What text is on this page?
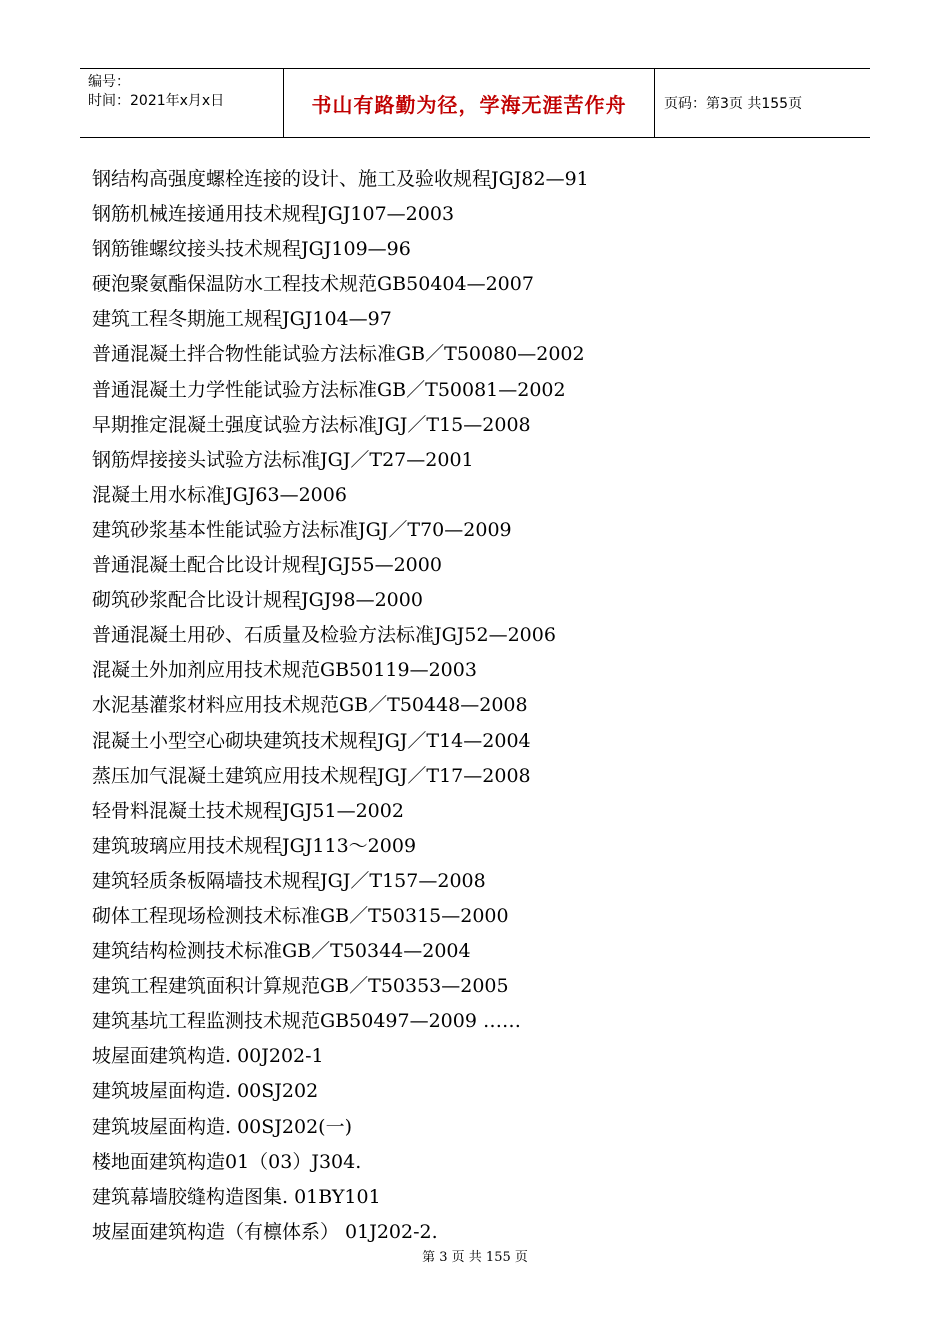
编号：
时间：2021年x月x日	书山有路勤为径，学海无涯苦作舟	页码：第3页 共155页
钢结构高强度螺栓连接的设计、施工及验收规程JGJ82—91
钢筋机械连接通用技术规程JGJ107—2003
钢筋锥螺纹接头技术规程JGJ109—96
硬泡聚氨酯保温防水工程技术规范GB50404—2007
建筑工程冬期施工规程JGJ104—97
普通混凝土拌合物性能试验方法标准GB／T50080—2002
普通混凝土力学性能试验方法标准GB／T50081—2002
早期推定混凝土强度试验方法标准JGJ／T15—2008
钢筋焊接接头试验方法标准JGJ／T27—2001
混凝土用水标准JGJ63—2006
建筑砂浆基本性能试验方法标准JGJ／T70—2009
普通混凝土配合比设计规程JGJ55—2000
砌筑砂浆配合比设计规程JGJ98—2000
普通混凝土用砂、石质量及检验方法标准JGJ52—2006
混凝土外加剂应用技术规范GB50119—2003
水泥基灌浆材料应用技术规范GB／T50448—2008
混凝土小型空心砌块建筑技术规程JGJ／T14—2004
蒸压加气混凝土建筑应用技术规程JGJ／T17—2008
轻骨料混凝土技术规程JGJ51—2002
建筑玻璃应用技术规程JGJ113～2009
建筑轻质条板隔墙技术规程JGJ／T157—2008
砌体工程现场检测技术标准GB／T50315—2000
建筑结构检测技术标准GB／T50344—2004
建筑工程建筑面积计算规范GB／T50353—2005
建筑基坑工程监测技术规范GB50497—2009 ……
坡屋面建筑构造. 00J202-1
建筑坡屋面构造. 00SJ202
建筑坡屋面构造. 00SJ202(一)
楼地面建筑构造01（03）J304.
建筑幕墙胶缝构造图集. 01BY101
坡屋面建筑构造（有檩体系） 01J202-2.
第 3 页 共 155 页
